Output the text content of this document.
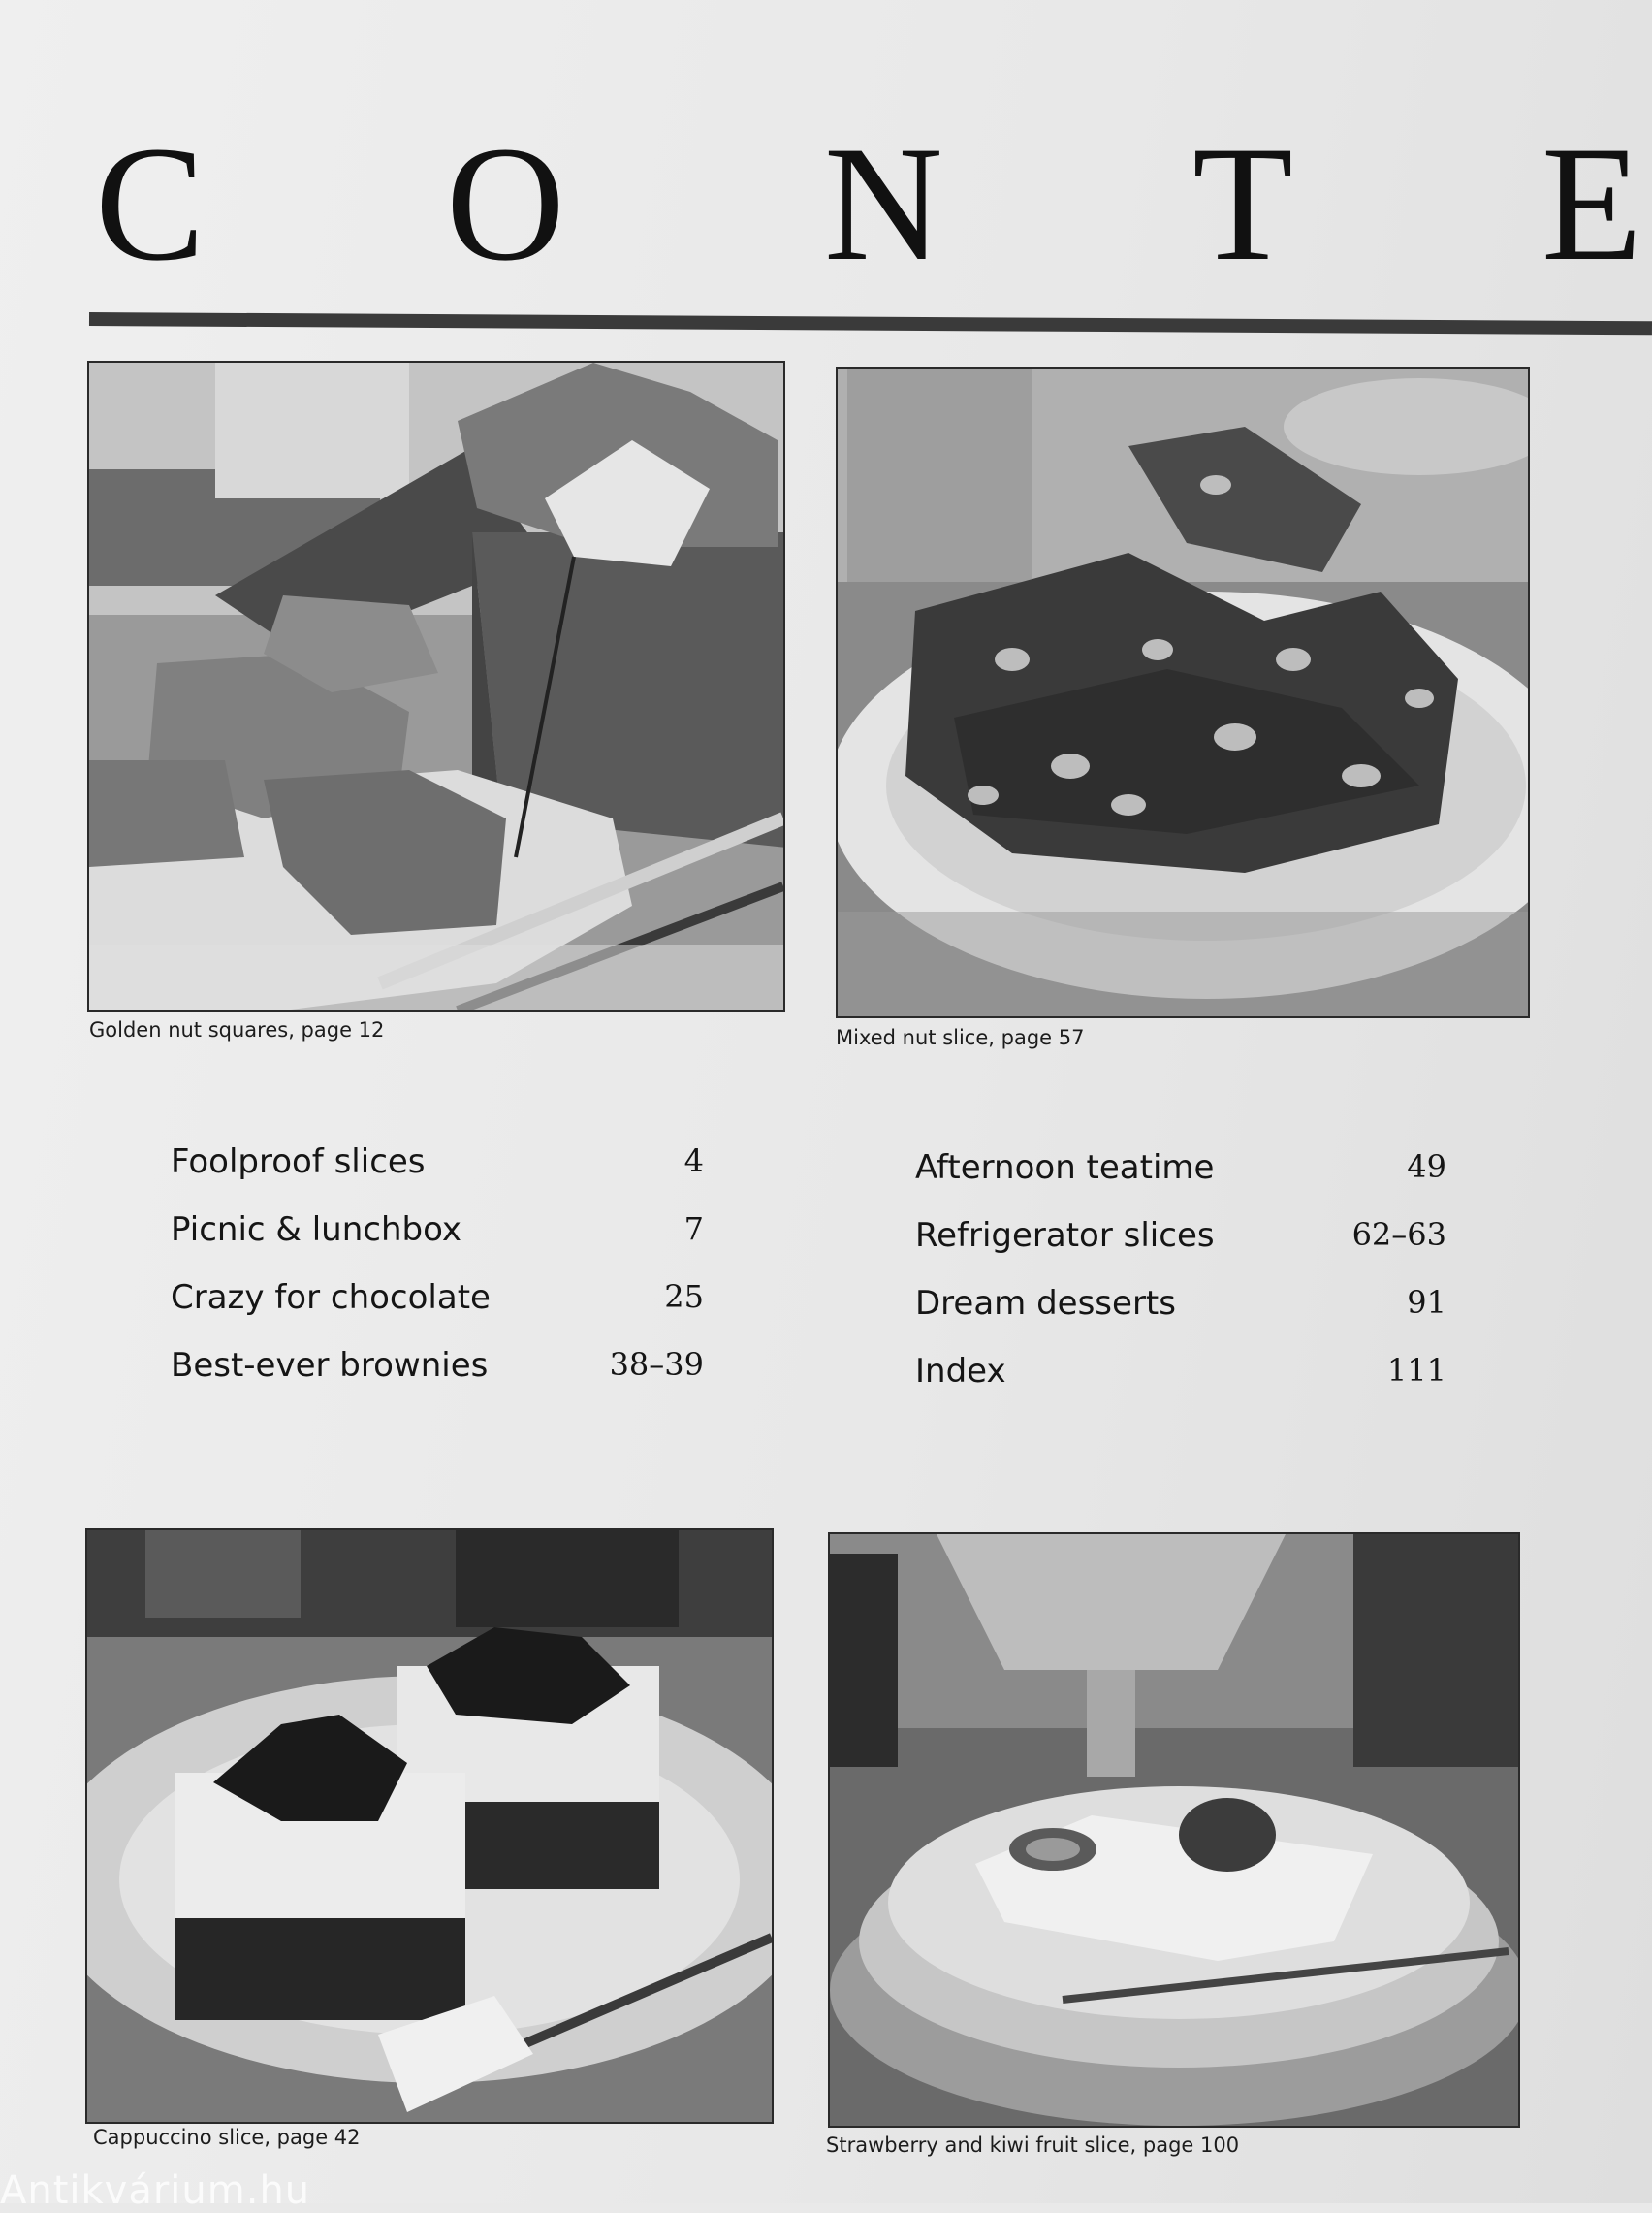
C O N T E
Golden nut squares, page 12	Mixed nut slice, page 57
Foolproof slices	4
Picnic & lunchbox	7
Crazy for chocolate	25
Best-ever brownies	38–39
Afternoon teatime	49
Refrigerator slices	62–63
Dream desserts	91
Index	111
Cappuccino slice, page 42	Strawberry and kiwi fruit slice, page 100
Antikvárium.hu
